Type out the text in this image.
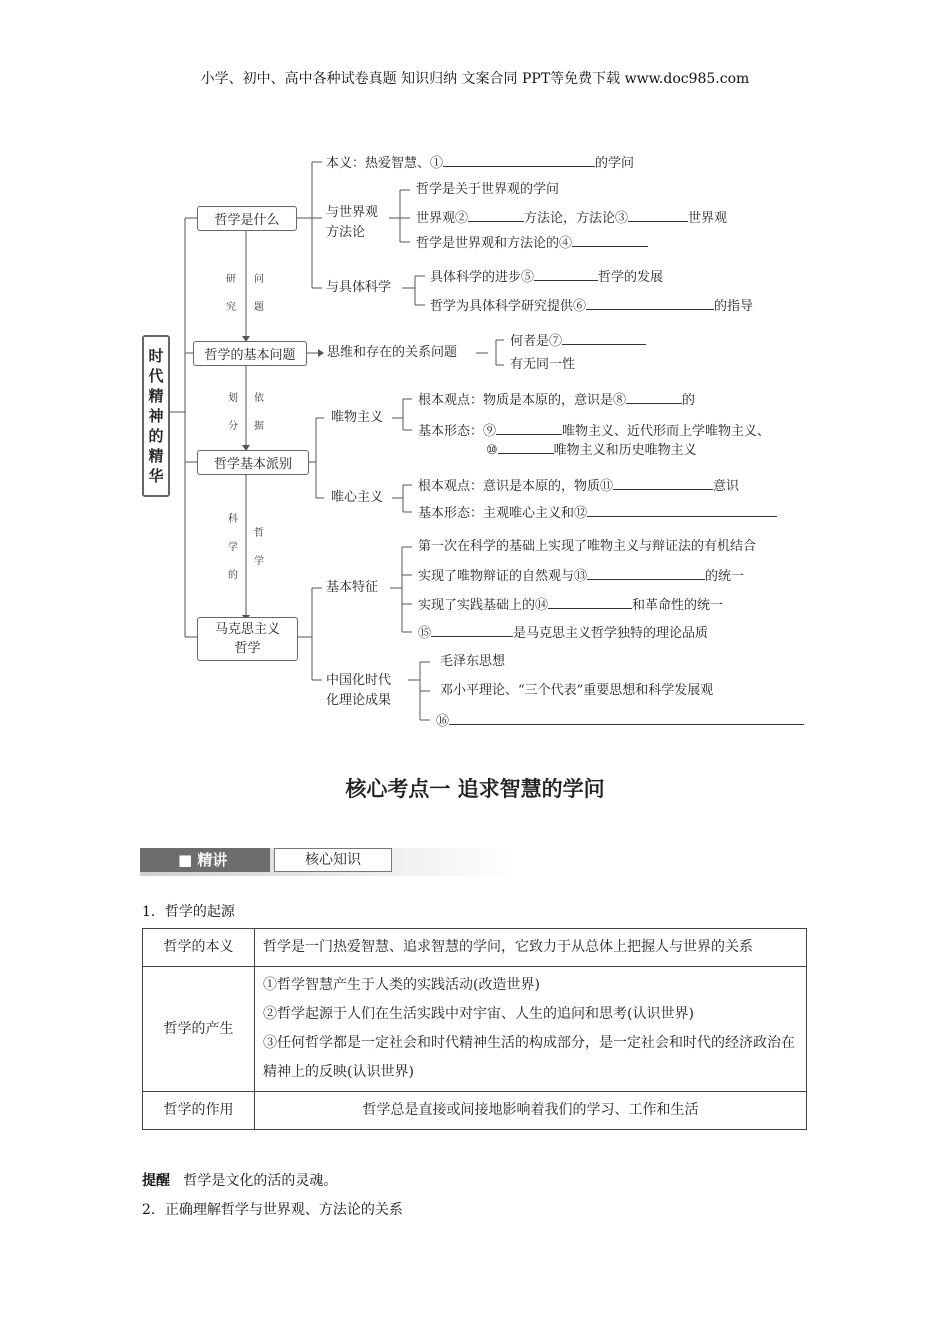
小学、初中、高中各种试卷真题 知识归纳 文案合同 PPT等免费下载 www.doc985.com
时
代
精
神
的
精
华
哲学是什么
哲学的基本问题
哲学基本派别
马克思主义
哲学
研

究
问

题
划

分
依

据
科

学

的
哲

学
本义：热爱智慧、①	的学问
与世界观
方法论
哲学是关于世界观的学问
世界观②	方法论，方法论③	世界观
哲学是世界观和方法论的④
与具体科学
具体科学的进步⑤	哲学的发展
哲学为具体科学研究提供⑥	的指导
思维和存在的关系问题
何者是⑦
有无同一性
唯物主义
根本观点：物质是本原的，意识是⑧	的
基本形态：⑨	唯物主义、近代形而上学唯物主义、
⑩	唯物主义和历史唯物主义
唯心主义
根本观点：意识是本原的，物质⑪	意识
基本形态：主观唯心主义和⑫
基本特征
第一次在科学的基础上实现了唯物主义与辩证法的有机结合
实现了唯物辩证的自然观与⑬	的统一
实现了实践基础上的⑭	和革命性的统一
⑮	是马克思主义哲学独特的理论品质
中国化时代
化理论成果
毛泽东思想
邓小平理论、“三个代表”重要思想和科学发展观
⑯
核心考点一 追求智慧的学问
■ 精讲	核心知识
1．哲学的起源
哲学的本义	哲学是一门热爱智慧、追求智慧的学问，它致力于从总体上把握人与世界的关系
哲学的产生	①哲学智慧产生于人类的实践活动(改造世界)
②哲学起源于人们在生活实践中对宇宙、人生的追问和思考(认识世界)
③任何哲学都是一定社会和时代精神生活的构成部分，是一定社会和时代的经济政治在精神上的反映(认识世界)

哲学的作用	哲学总是直接或间接地影响着我们的学习、工作和生活
提醒 哲学是文化的活的灵魂。
2．正确理解哲学与世界观、方法论的关系
